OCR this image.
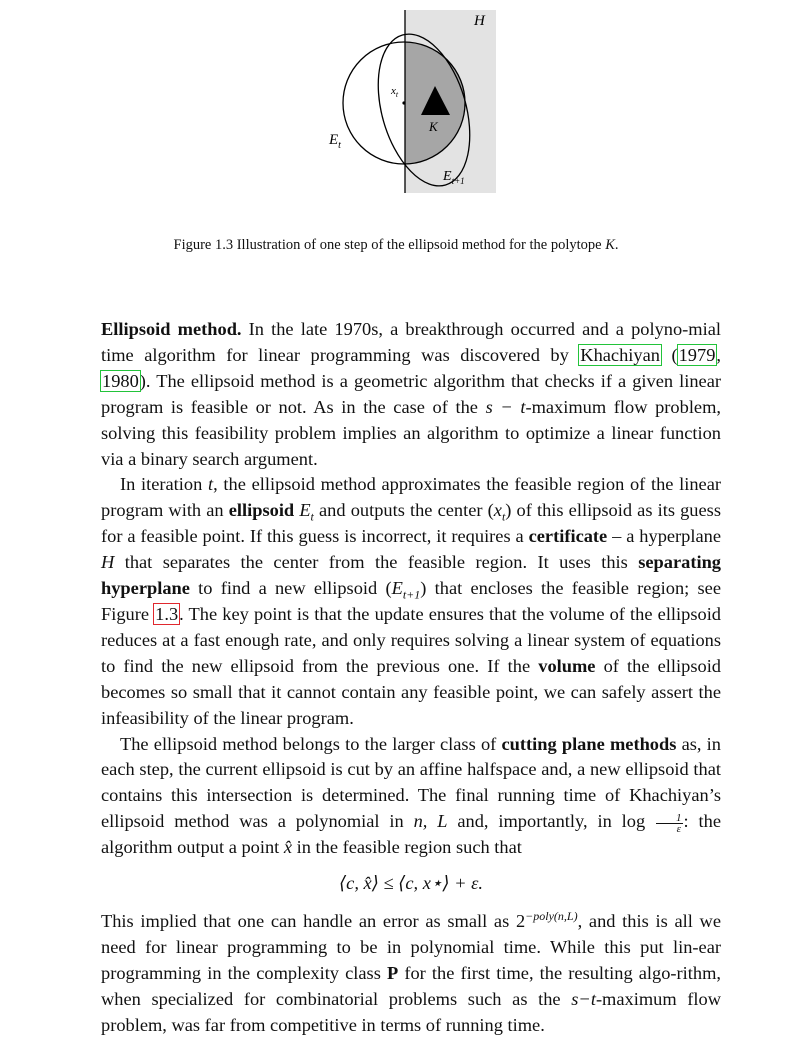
H
$x_t$
K
$E_t$
$E_{t+1}$
Figure 1.3 Illustration of one step of the ellipsoid method for the polytope K.

Ellipsoid method. In the late 1970s, a breakthrough occurred and a polyno-mial time algorithm for linear programming was discovered by Khachiyan (1979, 1980). The ellipsoid method is a geometric algorithm that checks if a given linear program is feasible or not. As in the case of the s − t-maximum flow problem, solving this feasibility problem implies an algorithm to optimize a linear function via a binary search argument.

In iteration t, the ellipsoid method approximates the feasible region of the linear program with an ellipsoid $E_t$ and outputs the center $(x_t)$ of this ellipsoid as its guess for a feasible point. If this guess is incorrect, it requires a certificate – a hyperplane H that separates the center from the feasible region. It uses this separating hyperplane to find a new ellipsoid $(E_{t+1})$ that encloses the feasible region; see Figure 1.3. The key point is that the update ensures that the volume of the ellipsoid reduces at a fast enough rate, and only requires solving a linear system of equations to find the new ellipsoid from the previous one. If the volume of the ellipsoid becomes so small that it cannot contain any feasible point, we can safely assert the infeasibility of the linear program.

The ellipsoid method belongs to the larger class of cutting plane methods as, in each step, the current ellipsoid is cut by an affine halfspace and, a new ellipsoid that contains this intersection is determined. The final running time of Khachiyan’s ellipsoid method was a polynomial in n, L and, importantly, in $\log \frac{1}{\varepsilon}$ : the algorithm output a point x̂ in the feasible region such that

⟨c, x̂⟩ ≤ ⟨c, x⋆⟩ + ε.

This implied that one can handle an error as small as $2^{-poly(n,L)}$, and this is all we need for linear programming to be in polynomial time. While this put lin-ear programming in the complexity class P for the first time, the resulting algo-rithm, when specialized for combinatorial problems such as the s−t-maximum flow problem, was far from competitive in terms of running time.
